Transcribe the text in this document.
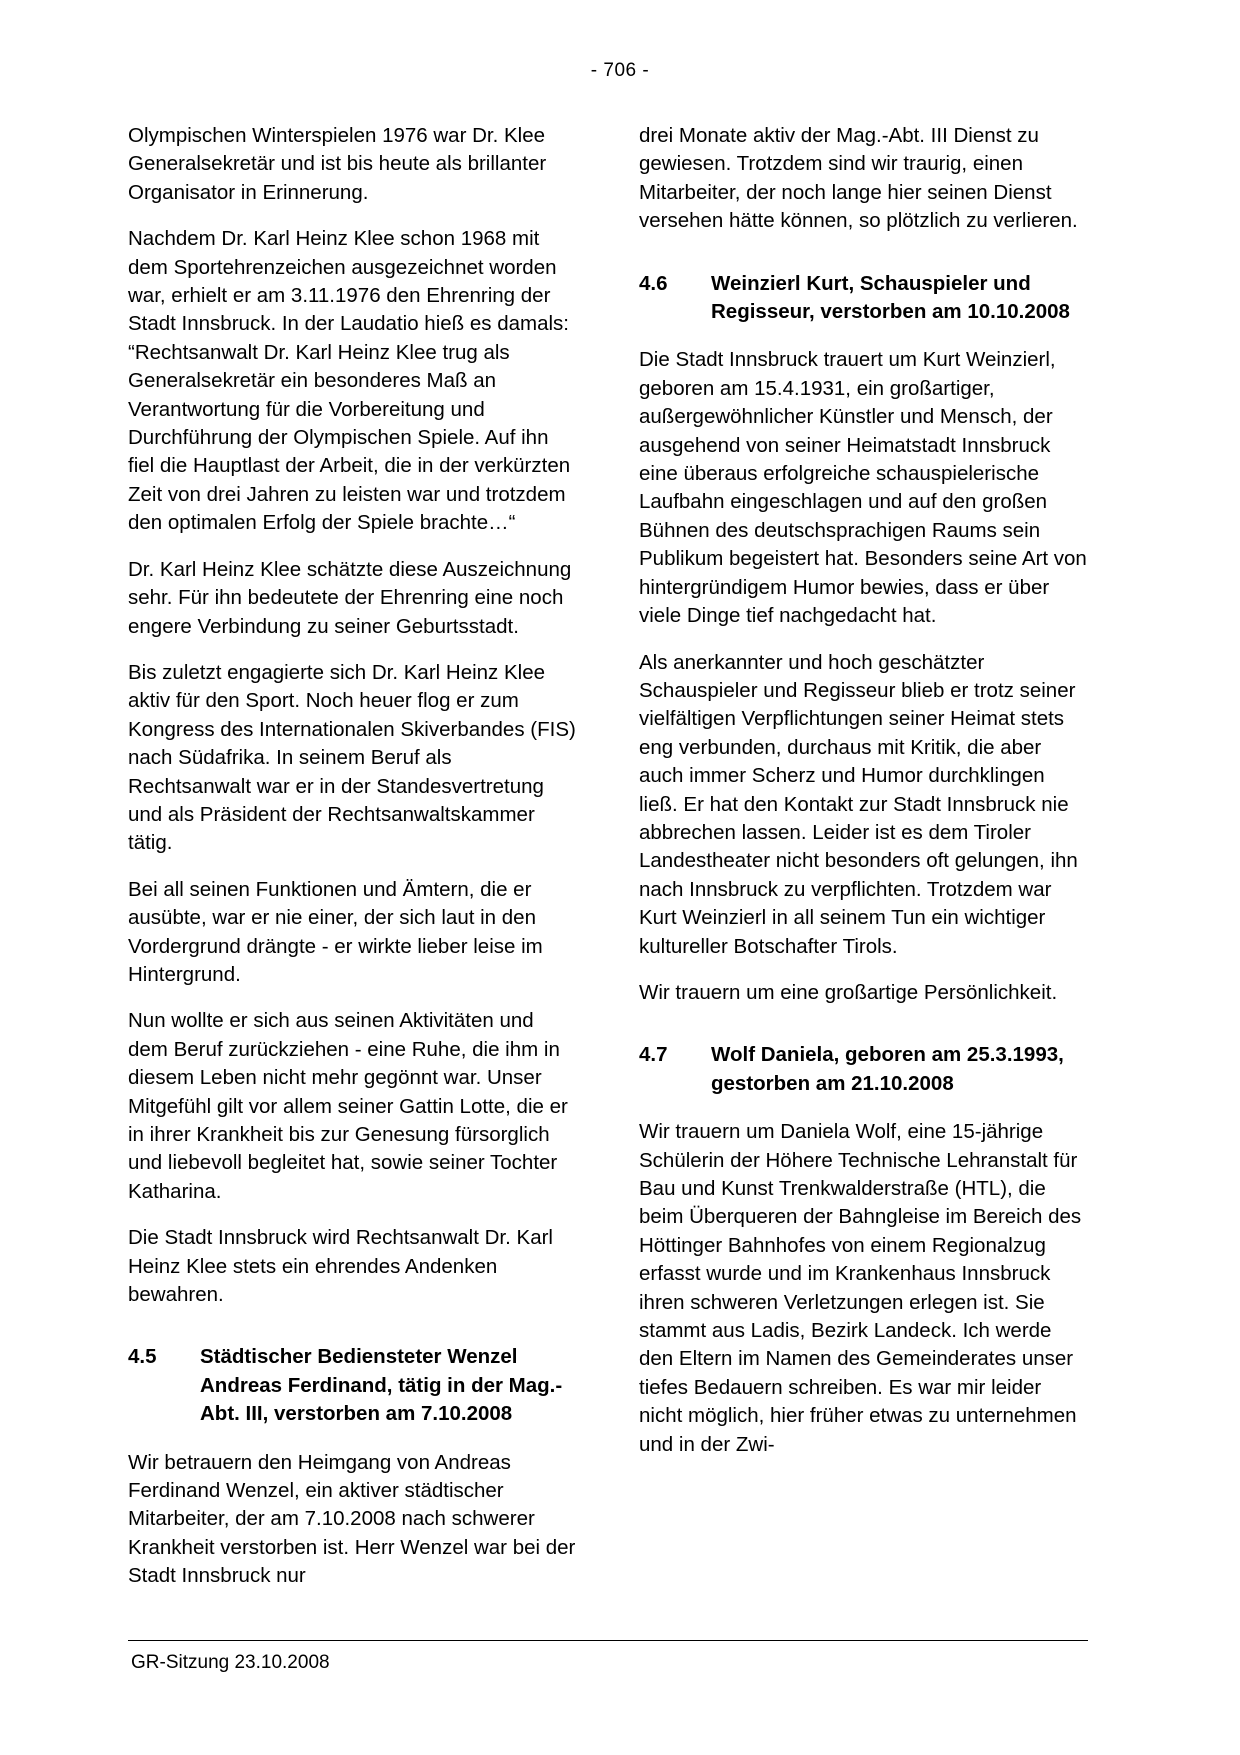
- 706 -

Olympischen Winterspielen 1976 war Dr. Klee Generalsekretär und ist bis heute als brillanter Organisator in Erinnerung.

Nachdem Dr. Karl Heinz Klee schon 1968 mit dem Sportehrenzeichen ausgezeichnet worden war, erhielt er am 3.11.1976 den Ehrenring der Stadt Innsbruck. In der Laudatio hieß es damals: “Rechtsanwalt Dr. Karl Heinz Klee trug als Generalsekretär ein besonderes Maß an Verantwortung für die Vorbereitung und Durchführung der Olympischen Spiele. Auf ihn fiel die Hauptlast der Arbeit, die in der verkürzten Zeit von drei Jahren zu leisten war und trotzdem den optimalen Erfolg der Spiele brachte…“

Dr. Karl Heinz Klee schätzte diese Auszeichnung sehr. Für ihn bedeutete der Ehrenring eine noch engere Verbindung zu seiner Geburtsstadt.

Bis zuletzt engagierte sich Dr. Karl Heinz Klee aktiv für den Sport. Noch heuer flog er zum Kongress des Internationalen Skiverbandes (FIS) nach Südafrika. In seinem Beruf als Rechtsanwalt war er in der Standesvertretung und als Präsident der Rechtsanwaltskammer tätig.

Bei all seinen Funktionen und Ämtern, die er ausübte, war er nie einer, der sich laut in den Vordergrund drängte - er wirkte lieber leise im Hintergrund.

Nun wollte er sich aus seinen Aktivitäten und dem Beruf zurückziehen - eine Ruhe, die ihm in diesem Leben nicht mehr gegönnt war. Unser Mitgefühl gilt vor allem seiner Gattin Lotte, die er in ihrer Krankheit bis zur Genesung fürsorglich und liebevoll begleitet hat, sowie seiner Tochter Katharina.

Die Stadt Innsbruck wird Rechtsanwalt Dr. Karl Heinz Klee stets ein ehrendes Andenken bewahren.

4.5	Städtischer Bediensteter Wenzel Andreas Ferdinand, tätig in der Mag.-Abt. III, verstorben am 7.10.2008

Wir betrauern den Heimgang von Andreas Ferdinand Wenzel, ein aktiver städtischer Mitarbeiter, der am 7.10.2008 nach schwerer Krankheit verstorben ist. Herr Wenzel war bei der Stadt Innsbruck nur

drei Monate aktiv der Mag.-Abt. III Dienst zu gewiesen. Trotzdem sind wir traurig, einen Mitarbeiter, der noch lange hier seinen Dienst versehen hätte können, so plötzlich zu verlieren.

4.6	Weinzierl Kurt, Schauspieler und Regisseur, verstorben am 10.10.2008

Die Stadt Innsbruck trauert um Kurt Weinzierl, geboren am 15.4.1931, ein großartiger, außergewöhnlicher Künstler und Mensch, der ausgehend von seiner Heimatstadt Innsbruck eine überaus erfolgreiche schauspielerische Laufbahn eingeschlagen und auf den großen Bühnen des deutschsprachigen Raums sein Publikum begeistert hat. Besonders seine Art von hintergründigem Humor bewies, dass er über viele Dinge tief nachgedacht hat.

Als anerkannter und hoch geschätzter Schauspieler und Regisseur blieb er trotz seiner vielfältigen Verpflichtungen seiner Heimat stets eng verbunden, durchaus mit Kritik, die aber auch immer Scherz und Humor durchklingen ließ. Er hat den Kontakt zur Stadt Innsbruck nie abbrechen lassen. Leider ist es dem Tiroler Landestheater nicht besonders oft gelungen, ihn nach Innsbruck zu verpflichten. Trotzdem war Kurt Weinzierl in all seinem Tun ein wichtiger kultureller Botschafter Tirols.

Wir trauern um eine großartige Persönlichkeit.

4.7	Wolf Daniela, geboren am 25.3.1993, gestorben am 21.10.2008

Wir trauern um Daniela Wolf, eine 15-jährige Schülerin der Höhere Technische Lehranstalt für Bau und Kunst Trenkwalderstraße (HTL), die beim Überqueren der Bahngleise im Bereich des Höttinger Bahnhofes von einem Regionalzug erfasst wurde und im Krankenhaus Innsbruck ihren schweren Verletzungen erlegen ist. Sie stammt aus Ladis, Bezirk Landeck. Ich werde den Eltern im Namen des Gemeinderates unser tiefes Bedauern schreiben. Es war mir leider nicht möglich, hier früher etwas zu unternehmen und in der Zwi-

GR-Sitzung 23.10.2008
